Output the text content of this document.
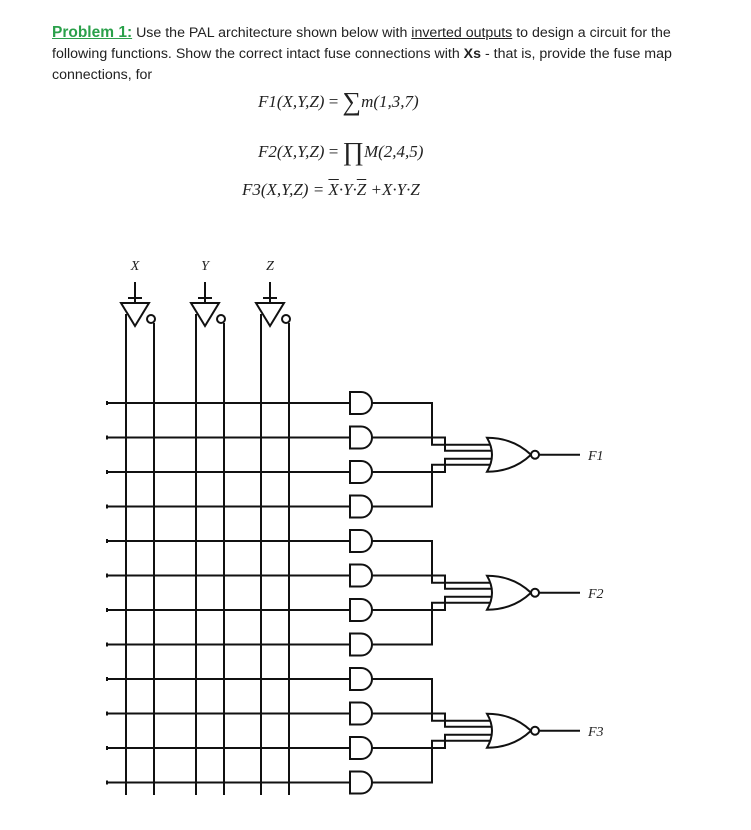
Problem 1: Use the PAL architecture shown below with inverted outputs to design a circuit for the following functions. Show the correct intact fuse connections with Xs - that is, provide the fuse map connections, for
F1(X,Y,Z) = ∑m(1,3,7)
F2(X,Y,Z) = ∏M(2,4,5)
$F3(X,Y,Z) = \overline{X}\cdot Y\cdot\overline{Z} +X\cdot Y\cdot Z$
X	Y	Z
F1
F2
F3
